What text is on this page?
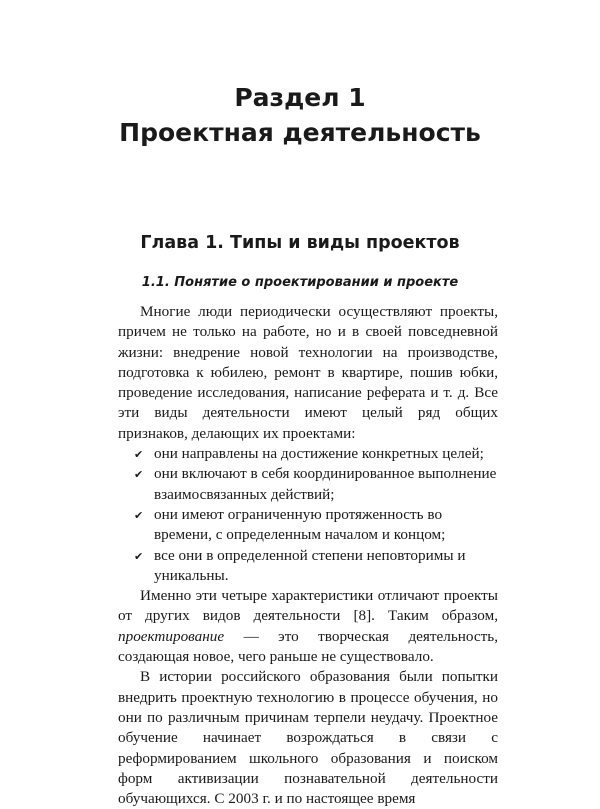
Раздел 1
Проектная деятельность
Глава 1. Типы и виды проектов
1.1. Понятие о проектировании и проекте

Многие люди периодически осуществляют проекты, причем не только на работе, но и в своей повседневной жизни: внедрение новой технологии на производстве, подготовка к юбилею, ремонт в квартире, пошив юбки, проведение исследования, написание реферата и т. д. Все эти виды деятельности имеют целый ряд общих признаков, делающих их проектами:

✔ они направлены на достижение конкретных целей;
✔ они включают в себя координированное выполнение взаимосвязанных действий;
✔ они имеют ограниченную протяженность во времени, с определенным началом и концом;
✔ все они в определенной степени неповторимы и уникальны.

Именно эти четыре характеристики отличают проекты от других видов деятельности [8]. Таким образом, проектирование — это творческая деятельность, создающая новое, чего раньше не существовало.

В истории российского образования были попытки внедрить проектную технологию в процессе обучения, но они по различным причинам терпели неудачу. Проектное обучение начинает возрождаться в связи с реформированием школьного образования и поиском форм активизации познавательной деятельности обучающихся. С 2003 г. и по настоящее время
